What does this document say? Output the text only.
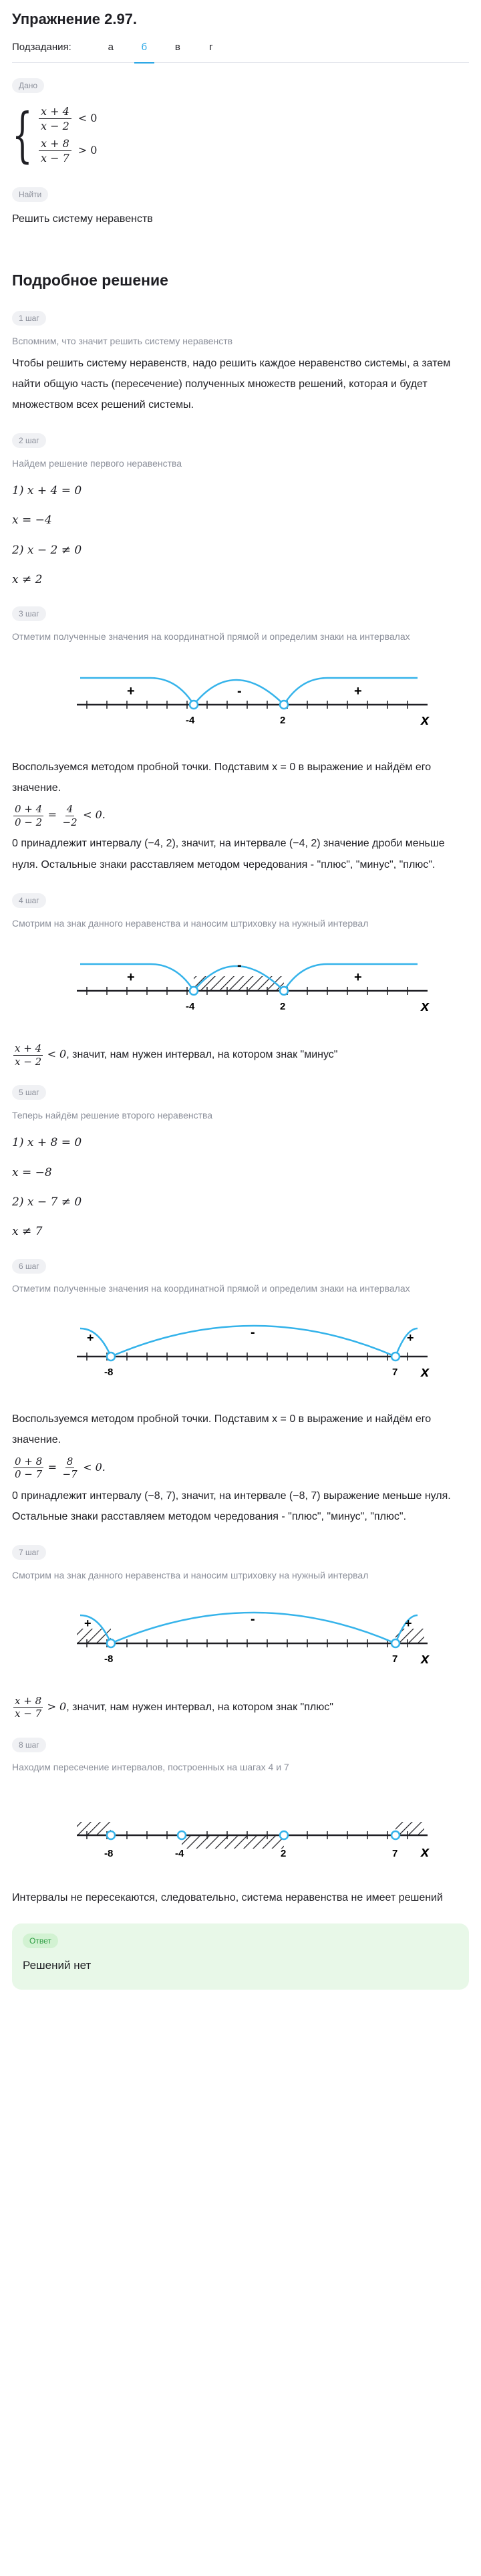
Упражнение 2.97.
Подзадания:	а	б	в	г
Дано
{ $\frac{x + 4}{x - 2} < 0$
$\frac{x + 8}{x - 7} > 0$
Найти
Решить систему неравенств
Подробное решение
1 шаг
Вспомним, что значит решить систему неравенств
Чтобы решить систему неравенств, надо решить каждое неравенство системы, а затем найти общую часть (пересечение) полученных множеств решений, которая и будет множеством всех решений системы.
2 шаг
Найдем решение первого неравенства
1) x + 4 = 0
x = −4
2) x − 2 ≠ 0
x ≠ 2
3 шаг
Отметим полученные значения на координатной прямой и определим знаки на интервалах
+	-	+
-4	2	x
Воспользуемся методом пробной точки. Подставим x = 0 в выражение и найдём его значение.
$\frac{0 + 4}{0 - 2} = \frac{4}{-2} < 0$.
0 принадлежит интервалу (−4, 2), значит, на интервале (−4, 2) значение дроби меньше нуля. Остальные знаки расставляем методом чередования - "плюс", "минус", "плюс".
4 шаг
Смотрим на знак данного неравенства и наносим штриховку на нужный интервал
+
-
+
-4	2	x
$\frac{x + 4}{x - 2} < 0$, значит, нам нужен интервал, на котором знак "минус"
5 шаг
Теперь найдём решение второго неравенства
1) x + 8 = 0
x = −8
2) x − 7 ≠ 0
x ≠ 7
6 шаг
Отметим полученные значения на координатной прямой и определим знаки на интервалах
+	-	+
-8	7 x
Воспользуемся методом пробной точки. Подставим x = 0 в выражение и найдём его значение.
$\frac{0 + 8}{0 - 7} = \frac{8}{-7} < 0$.
0 принадлежит интервалу (−8, 7), значит, на интервале (−8, 7) выражение меньше нуля. Остальные знаки расставляем методом чередования - "плюс", "минус", "плюс".
7 шаг
Смотрим на знак данного неравенства и наносим штриховку на нужный интервал
+	-	+
-8	7 x
$\frac{x + 8}{x - 7} > 0$, значит, нам нужен интервал, на котором знак "плюс"
8 шаг
Находим пересечение интервалов, построенных на шагах 4 и 7
-8	-4	2	7 x
Интервалы не пересекаются, следовательно, система неравенства не имеет решений
Ответ
Решений нет
